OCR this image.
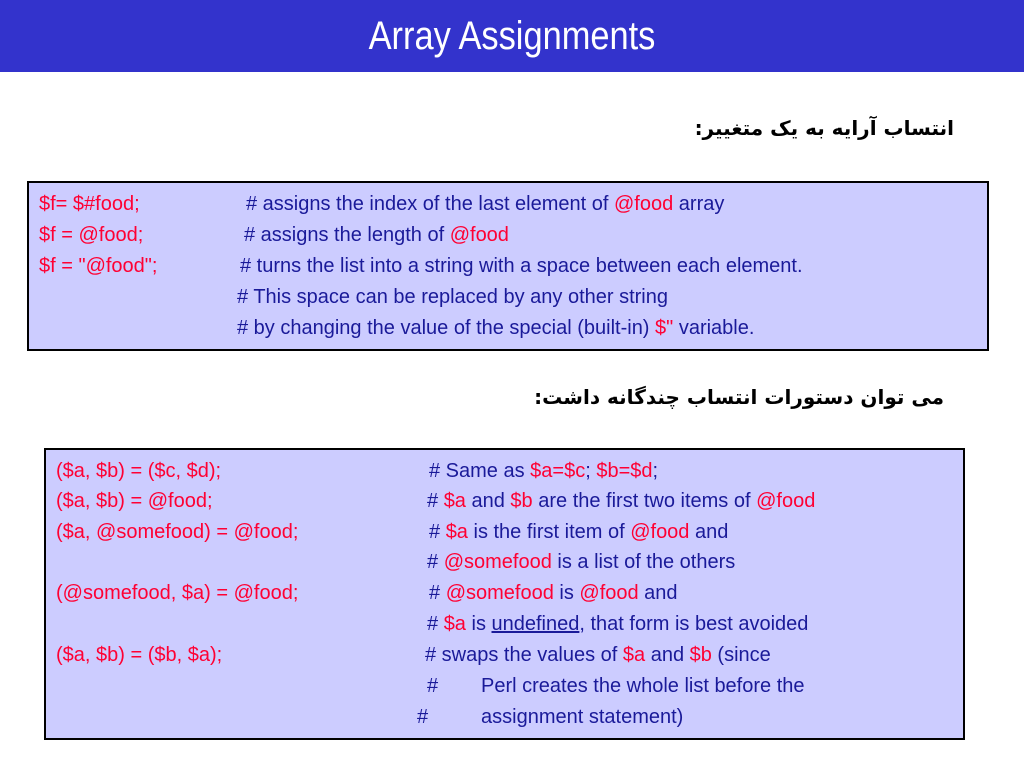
Array Assignments
انتساب آرایه به یک متغییر:
$f= $#food;	# assigns the index of the last element of @food array
$f = @food;	# assigns the length of @food
$f = "@food";	# turns the list into a string with a space between each element.
# This space can be replaced by any other string
# by changing the value of the special (built-in) $" variable.
می توان دستورات انتساب چندگانه داشت:
($a, $b) = ($c, $d);	# Same as $a=$c; $b=$d;
($a, $b) = @food;	# $a and $b are the first two items of @food
($a, @somefood) = @food;	# $a is the first item of @food and
# @somefood is a list of the others
(@somefood, $a) = @food;	# @somefood is @food and
# $a is undefined, that form is best avoided
($a, $b) = ($b, $a);	# swaps the values of $a and $b (since
# Perl creates the whole list before the
#	assignment statement)
